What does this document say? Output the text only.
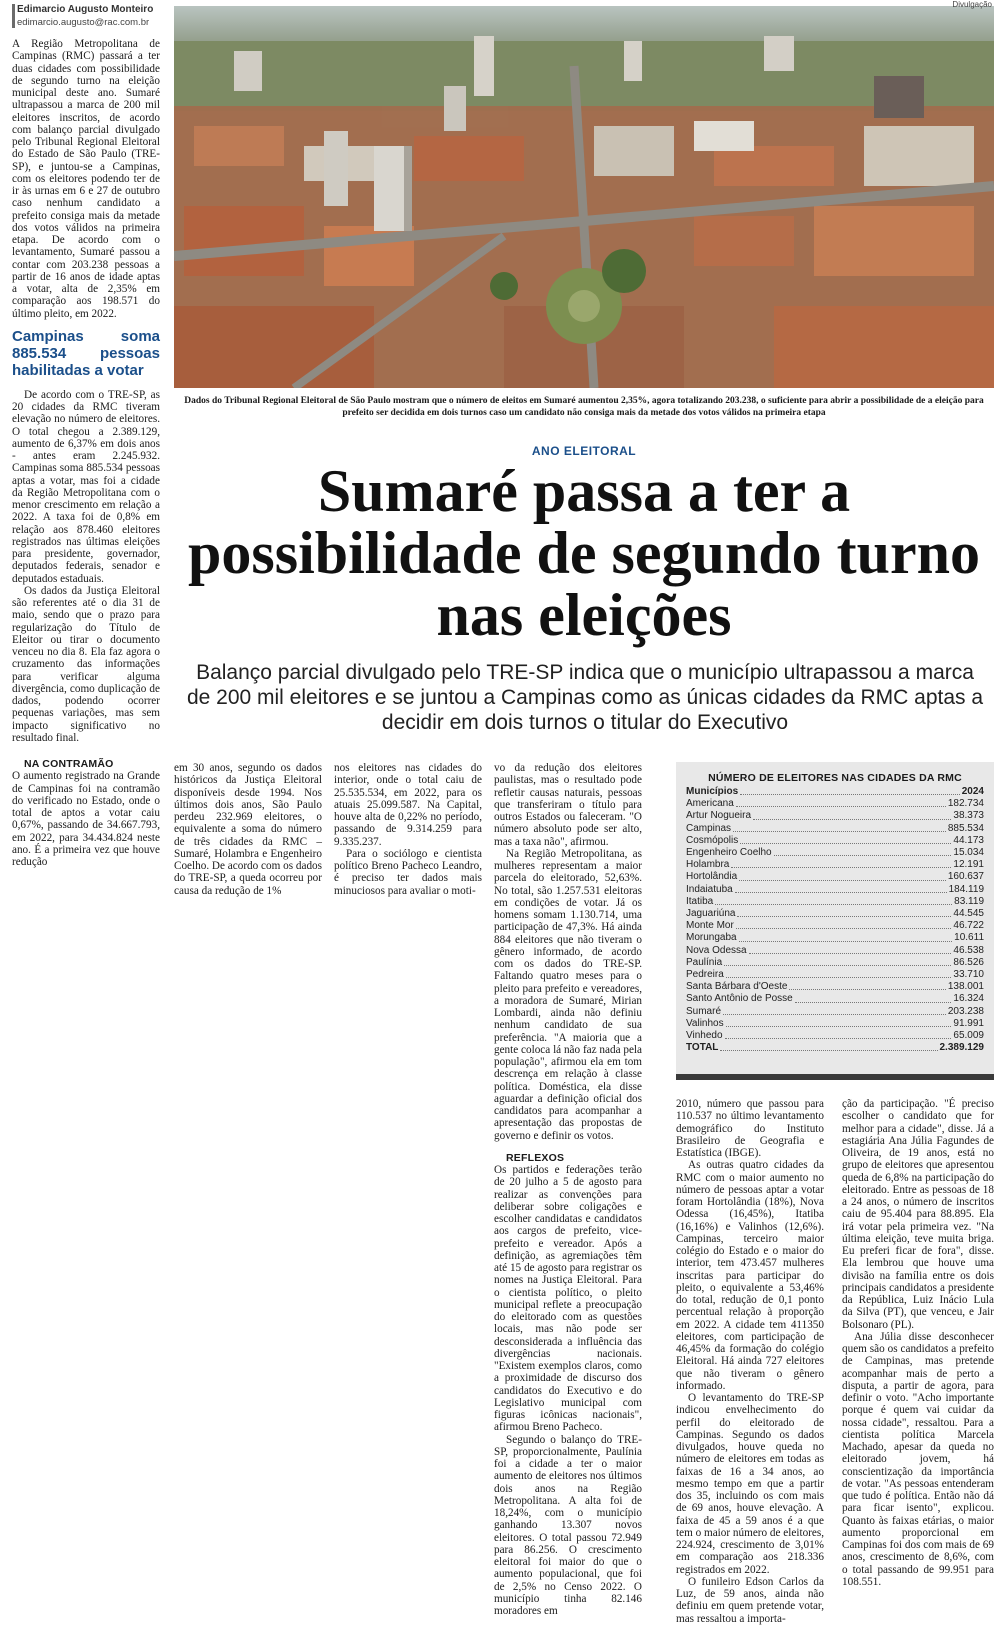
Edimarcio Augusto Monteiro
edimarcio.augusto@rac.com.br
Divulgação
Dados do Tribunal Regional Eleitoral de São Paulo mostram que o número de eleitos em Sumaré aumentou 2,35%, agora totalizando 203.238, o suficiente para abrir a possibilidade de a eleição para prefeito ser decidida em dois turnos caso um candidato não consiga mais da metade dos votos válidos na primeira etapa
ANO ELEITORAL
Sumaré passa a ter a possibilidade de segundo turno nas eleições
Balanço parcial divulgado pelo TRE-SP indica que o município ultrapassou a marca de 200 mil eleitores e se juntou a Campinas como as únicas cidades da RMC aptas a decidir em dois turnos o titular do Executivo

A Região Metropolitana de Campinas (RMC) passará a ter duas cidades com possibilidade de segundo turno na eleição municipal deste ano. Sumaré ultrapassou a marca de 200 mil eleitores inscritos, de acordo com balanço parcial divulgado pelo Tribunal Regional Eleitoral do Estado de São Paulo (TRE-SP), e juntou-se a Campinas, com os eleitores podendo ter de ir às urnas em 6 e 27 de outubro caso nenhum candidato a prefeito consiga mais da metade dos votos válidos na primeira etapa. De acordo com o levantamento, Sumaré passou a contar com 203.238 pessoas a partir de 16 anos de idade aptas a votar, alta de 2,35% em comparação aos 198.571 do último pleito, em 2022.

Campinas soma 885.534 pessoas habilitadas a votar

De acordo com o TRE-SP, as 20 cidades da RMC tiveram elevação no número de eleitores. O total chegou a 2.389.129, aumento de 6,37% em dois anos - antes eram 2.245.932. Campinas soma 885.534 pessoas aptas a votar, mas foi a cidade da Região Metropolitana com o menor crescimento em relação a 2022. A taxa foi de 0,8% em relação aos 878.460 eleitores registrados nas últimas eleições para presidente, governador, deputados federais, senador e deputados estaduais.

Os dados da Justiça Eleitoral são referentes até o dia 31 de maio, sendo que o prazo para regularização do Título de Eleitor ou tirar o documento venceu no dia 8. Ela faz agora o cruzamento das informações para verificar alguma divergência, como duplicação de dados, podendo ocorrer pequenas variações, mas sem impacto significativo no resultado final.

NA CONTRAMÃO

O aumento registrado na Grande de Campinas foi na contramão do verificado no Estado, onde o total de aptos a votar caiu 0,67%, passando de 34.667.793, em 2022, para 34.434.824 neste ano. É a primeira vez que houve redução

em 30 anos, segundo os dados históricos da Justiça Eleitoral disponíveis desde 1994. Nos últimos dois anos, São Paulo perdeu 232.969 eleitores, o equivalente a soma do número de três cidades da RMC – Sumaré, Holambra e Engenheiro Coelho. De acordo com os dados do TRE-SP, a queda ocorreu por causa da redução de 1%

nos eleitores nas cidades do interior, onde o total caiu de 25.535.534, em 2022, para os atuais 25.099.587. Na Capital, houve alta de 0,22% no período, passando de 9.314.259 para 9.335.237.

Para o sociólogo e cientista político Breno Pacheco Leandro, é preciso ter dados mais minuciosos para avaliar o moti-

vo da redução dos eleitores paulistas, mas o resultado pode refletir causas naturais, pessoas que transferiram o título para outros Estados ou faleceram. "O número absoluto pode ser alto, mas a taxa não", afirmou.

Na Região Metropolitana, as mulheres representam a maior parcela do eleitorado, 52,63%. No total, são 1.257.531 eleitoras em condições de votar. Já os homens somam 1.130.714, uma participação de 47,3%. Há ainda 884 eleitores que não tiveram o gênero informado, de acordo com os dados do TRE-SP. Faltando quatro meses para o pleito para prefeito e vereadores, a moradora de Sumaré, Mirian Lombardi, ainda não definiu nenhum candidato de sua preferência. "A maioria que a gente coloca lá não faz nada pela população", afirmou ela em tom descrença em relação à classe política. Doméstica, ela disse aguardar a definição oficial dos candidatos para acompanhar a apresentação das propostas de governo e definir os votos.

REFLEXOS

Os partidos e federações terão de 20 julho a 5 de agosto para realizar as convenções para deliberar sobre coligações e escolher candidatas e candidatos aos cargos de prefeito, vice-prefeito e vereador. Após a definição, as agremiações têm até 15 de agosto para registrar os nomes na Justiça Eleitoral. Para o cientista político, o pleito municipal reflete a preocupação do eleitorado com as questões locais, mas não pode ser desconsiderada a influência das divergências nacionais. "Existem exemplos claros, como a proximidade de discurso dos candidatos do Executivo e do Legislativo municipal com figuras icônicas nacionais", afirmou Breno Pacheco.

Segundo o balanço do TRE-SP, proporcionalmente, Paulínia foi a cidade a ter o maior aumento de eleitores nos últimos dois anos na Região Metropolitana. A alta foi de 18,24%, com o município ganhando 13.307 novos eleitores. O total passou 72.949 para 86.256. O crescimento eleitoral foi maior do que o aumento populacional, que foi de 2,5% no Censo 2022. O município tinha 82.146 moradores em

NÚMERO DE ELEITORES NAS CIDADES DA RMC
Municípios	2024
Americana	182.734
Artur Nogueira	38.373
Campinas	885.534
Cosmópolis	44.173
Engenheiro Coelho	15.034
Holambra	12.191
Hortolândia	160.637
Indaiatuba	184.119
Itatiba	83.119
Jaguariúna	44.545
Monte Mor	46.722
Morungaba	10.611
Nova Odessa	46.538
Paulínia	86.526
Pedreira	33.710
Santa Bárbara d'Oeste	138.001
Santo Antônio de Posse	16.324
Sumaré	203.238
Valinhos	91.991
Vinhedo	65.009
TOTAL	2.389.129

2010, número que passou para 110.537 no último levantamento demográfico do Instituto Brasileiro de Geografia e Estatística (IBGE).

As outras quatro cidades da RMC com o maior aumento no número de pessoas aptar a votar foram Hortolândia (18%), Nova Odessa (16,45%), Itatiba (16,16%) e Valinhos (12,6%). Campinas, terceiro maior colégio do Estado e o maior do interior, tem 473.457 mulheres inscritas para participar do pleito, o equivalente a 53,46% do total, redução de 0,1 ponto percentual relação à proporção em 2022. A cidade tem 411350 eleitores, com participação de 46,45% da formação do colégio Eleitoral. Há ainda 727 eleitores que não tiveram o gênero informado.

O levantamento do TRE-SP indicou envelhecimento do perfil do eleitorado de Campinas. Segundo os dados divulgados, houve queda no número de eleitores em todas as faixas de 16 a 34 anos, ao mesmo tempo em que a partir dos 35, incluindo os com mais de 69 anos, houve elevação. A faixa de 45 a 59 anos é a que tem o maior número de eleitores, 224.924, crescimento de 3,01% em comparação aos 218.336 registrados em 2022.

O funileiro Edson Carlos da Luz, de 59 anos, ainda não definiu em quem pretende votar, mas ressaltou a importa-

ção da participação. "É preciso escolher o candidato que for melhor para a cidade", disse. Já a estagiária Ana Júlia Fagundes de Oliveira, de 19 anos, está no grupo de eleitores que apresentou queda de 6,8% na participação do eleitorado. Entre as pessoas de 18 a 24 anos, o número de inscritos caiu de 95.404 para 88.895. Ela irá votar pela primeira vez. "Na última eleição, teve muita briga. Eu preferi ficar de fora", disse. Ela lembrou que houve uma divisão na família entre os dois principais candidatos a presidente da República, Luiz Inácio Lula da Silva (PT), que venceu, e Jair Bolsonaro (PL).

Ana Júlia disse desconhecer quem são os candidatos a prefeito de Campinas, mas pretende acompanhar mais de perto a disputa, a partir de agora, para definir o voto. "Acho importante porque é quem vai cuidar da nossa cidade", ressaltou. Para a cientista política Marcela Machado, apesar da queda no eleitorado jovem, há conscientização da importância de votar. "As pessoas entenderam que tudo é política. Então não dá para ficar isento", explicou. Quanto às faixas etárias, o maior aumento proporcional em Campinas foi dos com mais de 69 anos, crescimento de 8,6%, com o total passando de 99.951 para 108.551.
